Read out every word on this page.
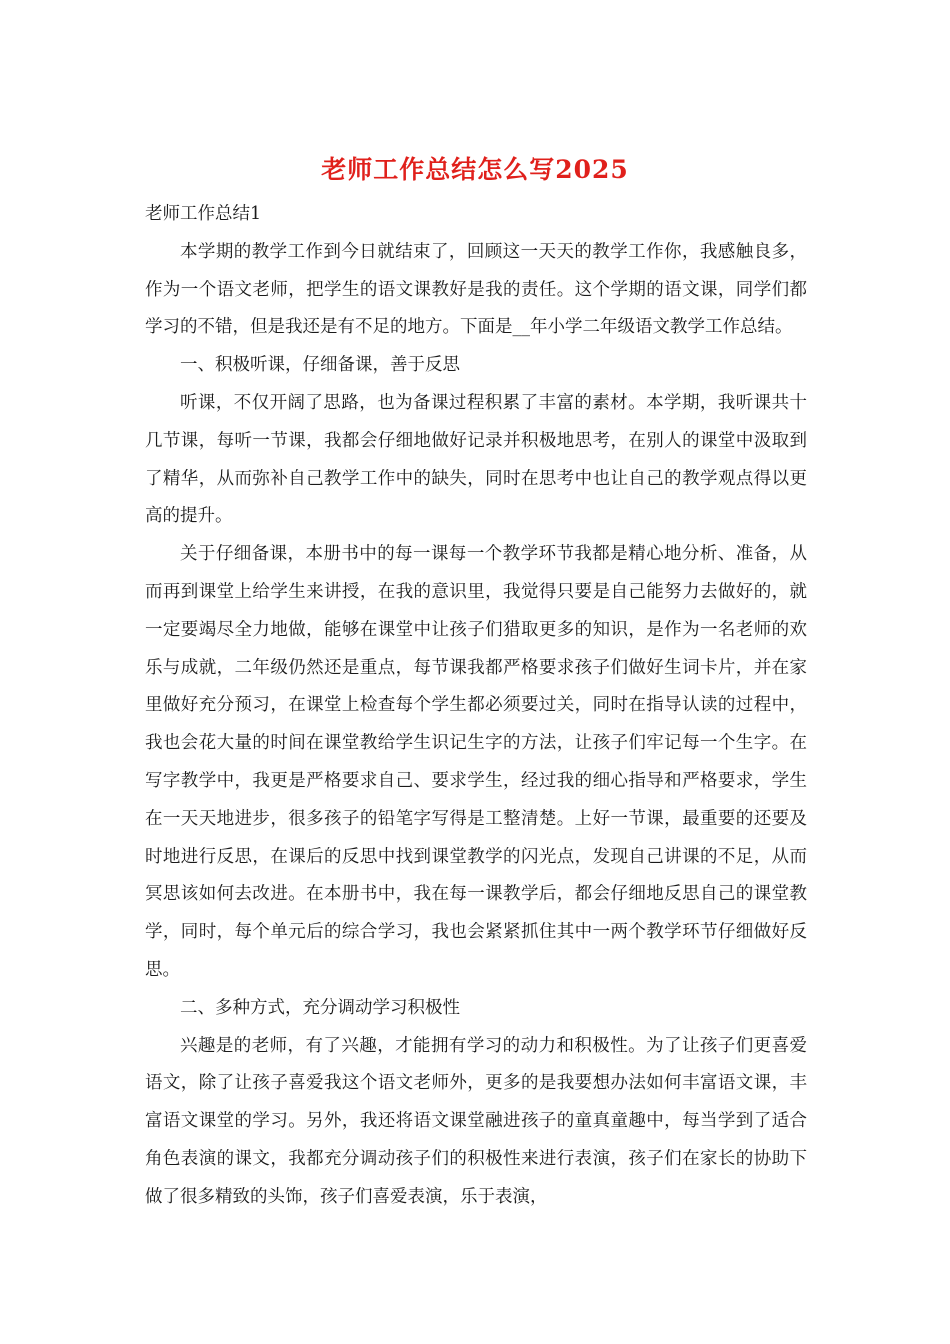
老师工作总结怎么写2025

老师工作总结1

本学期的教学工作到今日就结束了，回顾这一天天的教学工作你，我感触良多，作为一个语文老师，把学生的语文课教好是我的责任。这个学期的语文课，同学们都学习的不错，但是我还是有不足的地方。下面是__年小学二年级语文教学工作总结。

一、积极听课，仔细备课，善于反思

听课，不仅开阔了思路，也为备课过程积累了丰富的素材。本学期，我听课共十几节课，每听一节课，我都会仔细地做好记录并积极地思考，在别人的课堂中汲取到了精华，从而弥补自己教学工作中的缺失，同时在思考中也让自己的教学观点得以更高的提升。

关于仔细备课，本册书中的每一课每一个教学环节我都是精心地分析、准备，从而再到课堂上给学生来讲授，在我的意识里，我觉得只要是自己能努力去做好的，就一定要竭尽全力地做，能够在课堂中让孩子们猎取更多的知识，是作为一名老师的欢乐与成就，二年级仍然还是重点，每节课我都严格要求孩子们做好生词卡片，并在家里做好充分预习，在课堂上检查每个学生都必须要过关，同时在指导认读的过程中，我也会花大量的时间在课堂教给学生识记生字的方法，让孩子们牢记每一个生字。在写字教学中，我更是严格要求自己、要求学生，经过我的细心指导和严格要求，学生在一天天地进步，很多孩子的铅笔字写得是工整清楚。上好一节课，最重要的还要及时地进行反思，在课后的反思中找到课堂教学的闪光点，发现自己讲课的不足，从而冥思该如何去改进。在本册书中，我在每一课教学后，都会仔细地反思自己的课堂教学，同时，每个单元后的综合学习，我也会紧紧抓住其中一两个教学环节仔细做好反思。

二、多种方式，充分调动学习积极性

兴趣是的老师，有了兴趣，才能拥有学习的动力和积极性。为了让孩子们更喜爱语文，除了让孩子喜爱我这个语文老师外，更多的是我要想办法如何丰富语文课，丰富语文课堂的学习。另外，我还将语文课堂融进孩子的童真童趣中，每当学到了适合角色表演的课文，我都充分调动孩子们的积极性来进行表演，孩子们在家长的协助下做了很多精致的头饰，孩子们喜爱表演，乐于表演，
